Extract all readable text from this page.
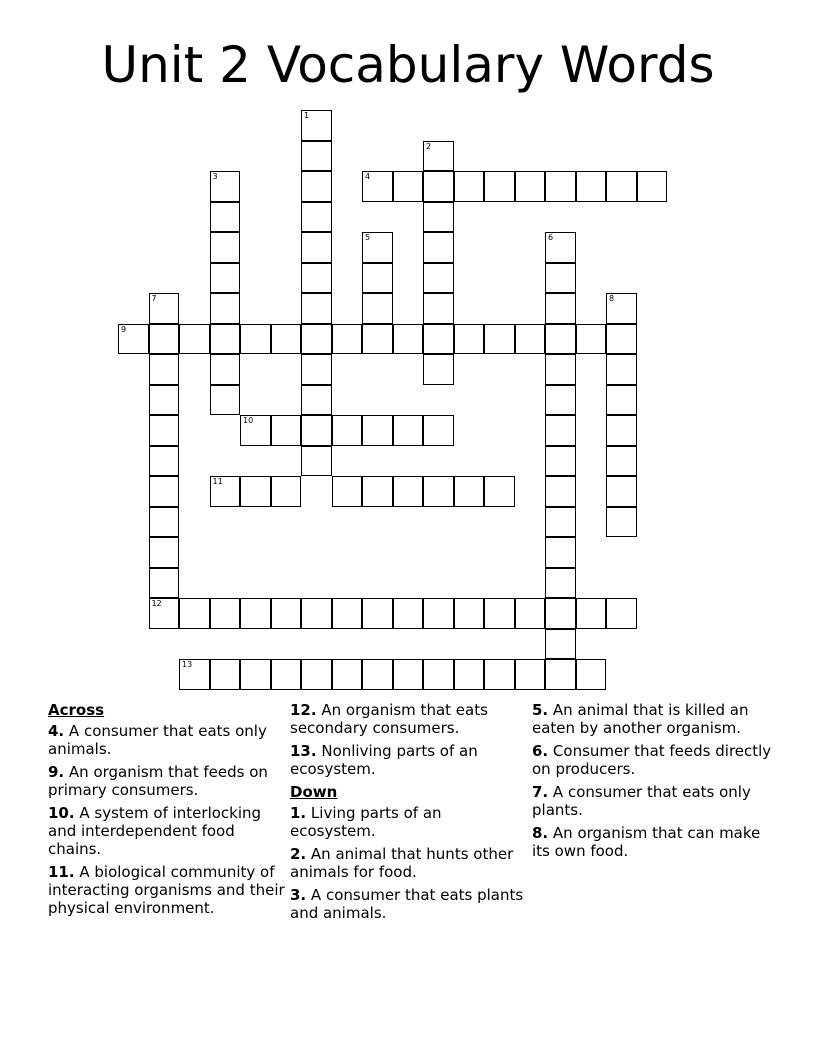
Unit 2 Vocabulary Words
1
2
3	4
5	6
7	8
9
10
11
12
13
Across
4. A consumer that eats only animals.
9. An organism that feeds on primary consumers.
10. A system of interlocking and interdependent food chains.
11. A biological community of interacting organisms and their physical environment.
12. An organism that eats secondary consumers.
13. Nonliving parts of an ecosystem.
Down
1. Living parts of an ecosystem.
2. An animal that hunts other animals for food.
3. A consumer that eats plants and animals.
5. An animal that is killed an eaten by another organism.
6. Consumer that feeds directly on producers.
7. A consumer that eats only plants.
8. An organism that can make its own food.
